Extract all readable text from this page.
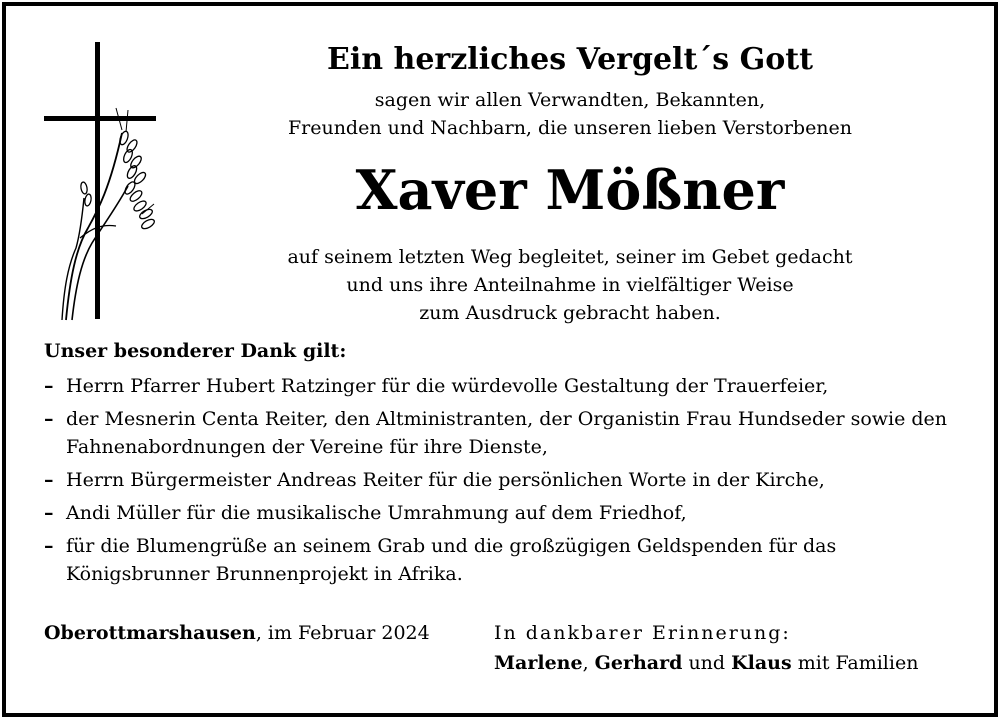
Ein herzliches Vergelt´s Gott
sagen wir allen Verwandten, Bekannten,
Freunden und Nachbarn, die unseren lieben Verstorbenen
Xaver Mößner
auf seinem letzten Weg begleitet, seiner im Gebet gedacht
und uns ihre Anteilnahme in vielfältiger Weise
zum Ausdruck gebracht haben.
Unser besonderer Dank gilt:
– Herrn Pfarrer Hubert Ratzinger für die würdevolle Gestaltung der Trauerfeier,
– der Mesnerin Centa Reiter, den Altministranten, der Organistin Frau Hundseder sowie den Fahnenabordnungen der Vereine für ihre Dienste,
– Herrn Bürgermeister Andreas Reiter für die persönlichen Worte in der Kirche,
– Andi Müller für die musikalische Umrahmung auf dem Friedhof,
– für die Blumengrüße an seinem Grab und die großzügigen Geldspenden für das Königsbrunner Brunnenprojekt in Afrika.
Oberottmarshausen, im Februar 2024	In dankbarer Erinnerung:
Marlene, Gerhard und Klaus mit Familien
